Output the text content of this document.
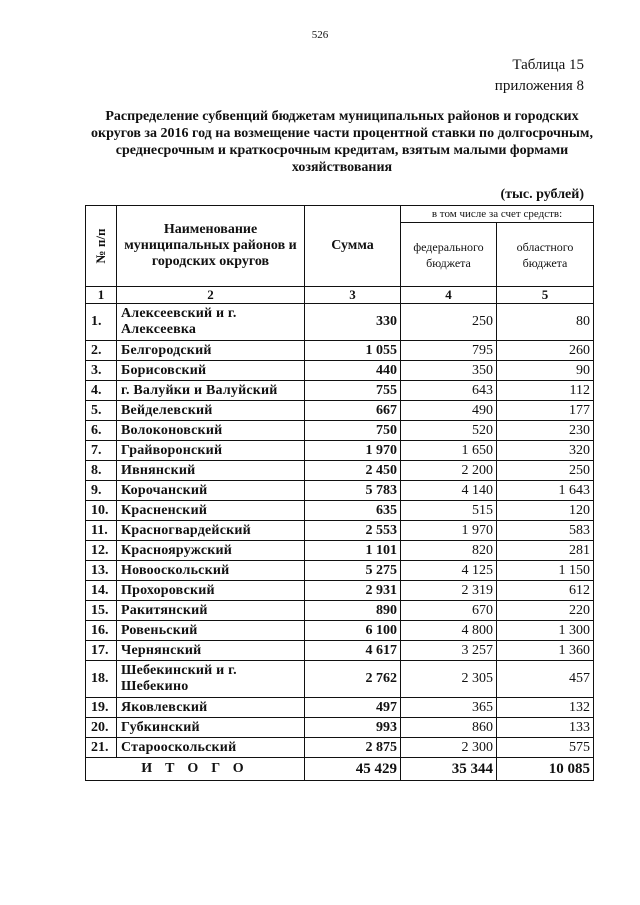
526
Таблица 15
приложения 8
Распределение субвенций бюджетам муниципальных районов и городских округов за 2016 год на возмещение части процентной ставки по долгосрочным, среднесрочным и краткосрочным кредитам, взятым малыми формами хозяйствования
(тыс. рублей)
№ п/п	Наименование муниципальных районов и городских округов	Сумма	в том числе за счет средств:	
			федерального бюджета	областного бюджета
1	2	3	4	5
1.	Алексеевский и г. Алексеевка	330	250	80
2.	Белгородский	1 055	795	260
3.	Борисовский	440	350	90
4.	г. Валуйки и Валуйский	755	643	112
5.	Вейделевский	667	490	177
6.	Волоконовский	750	520	230
7.	Грайворонский	1 970	1 650	320
8.	Ивнянский	2 450	2 200	250
9.	Корочанский	5 783	4 140	1 643
10.	Красненский	635	515	120
11.	Красногвардейский	2 553	1 970	583
12.	Краснояружский	1 101	820	281
13.	Новооскольский	5 275	4 125	1 150
14.	Прохоровский	2 931	2 319	612
15.	Ракитянский	890	670	220
16.	Ровеньский	6 100	4 800	1 300
17.	Чернянский	4 617	3 257	1 360
18.	Шебекинский и г. Шебекино	2 762	2 305	457
19.	Яковлевский	497	365	132
20.	Губкинский	993	860	133
21.	Старооскольский	2 875	2 300	575
ИТОГО		45 429	35 344	10 085
